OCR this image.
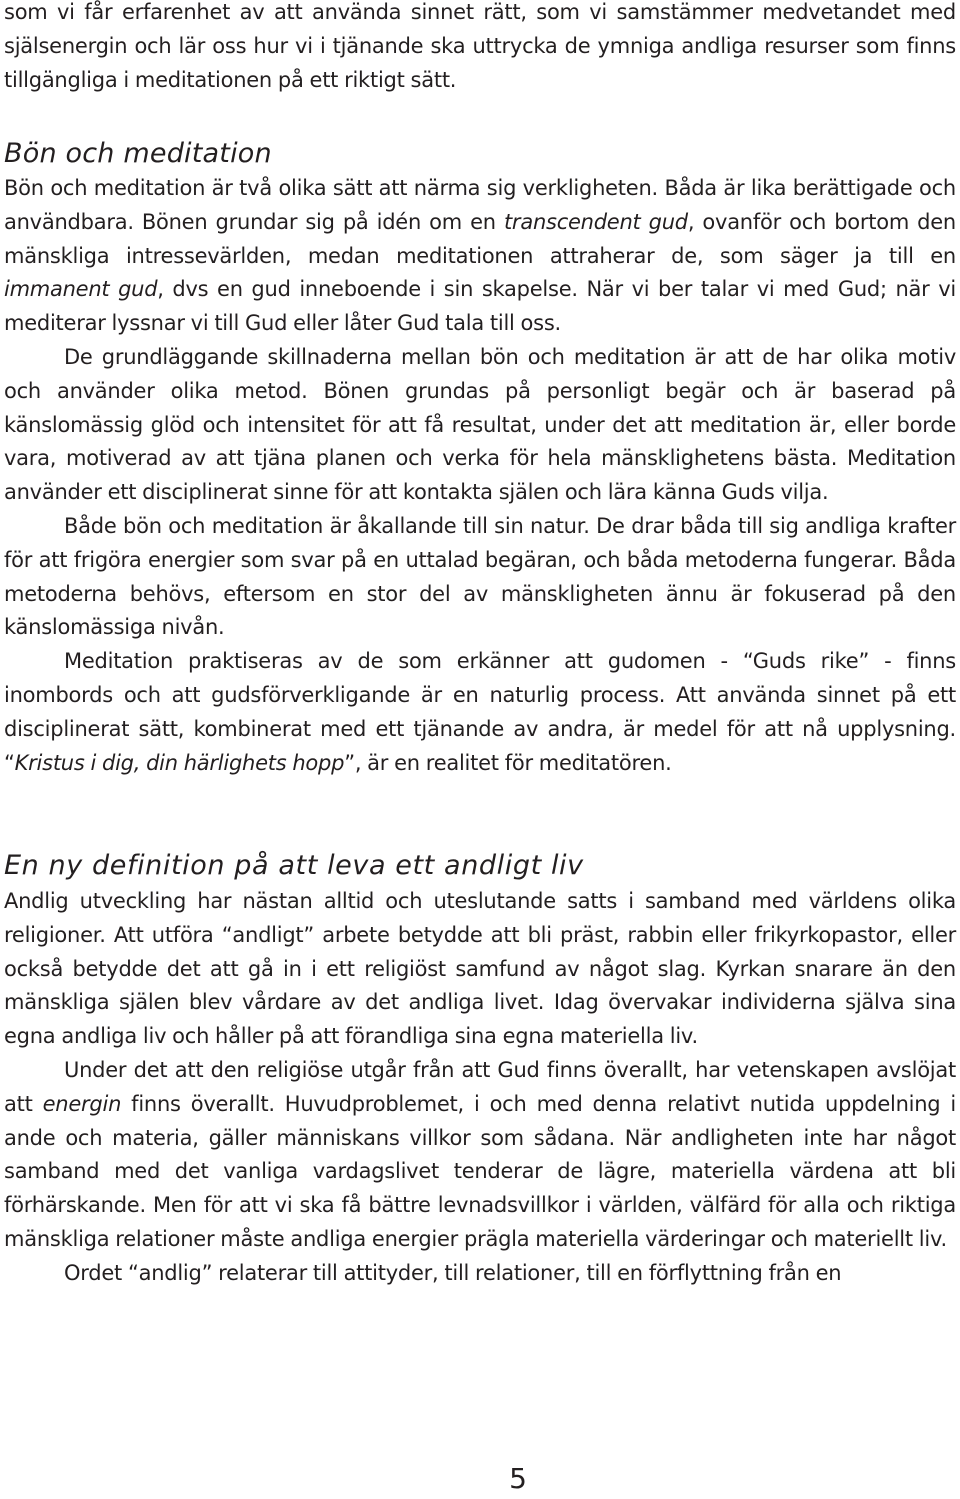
som vi får erfarenhet av att använda sinnet rätt, som vi samstämmer medvetandet med själsenergin och lär oss hur vi i tjänande ska uttrycka de ymniga andliga resurser som finns tillgängliga i meditationen på ett riktigt sätt.

Bön och meditation

Bön och meditation är två olika sätt att närma sig verkligheten. Båda är lika berättigade och användbara. Bönen grundar sig på idén om en transcendent gud, ovanför och bortom den mänskliga intressevärlden, medan meditationen attraherar de, som säger ja till en immanent gud, dvs en gud inneboende i sin skapelse. När vi ber talar vi med Gud; när vi mediterar lyssnar vi till Gud eller låter Gud tala till oss.

De grundläggande skillnaderna mellan bön och meditation är att de har olika motiv och använder olika metod. Bönen grundas på personligt begär och är baserad på känslomässig glöd och intensitet för att få resultat, under det att meditation är, eller borde vara, motiverad av att tjäna planen och verka för hela mänsklighetens bästa. Meditation använder ett disciplinerat sinne för att kontakta själen och lära känna Guds vilja.

Både bön och meditation är åkallande till sin natur. De drar båda till sig andliga krafter för att frigöra energier som svar på en uttalad begäran, och båda metoderna fungerar. Båda metoderna behövs, eftersom en stor del av mänskligheten ännu är fokuserad på den känslomässiga nivån.

Meditation praktiseras av de som erkänner att gudomen - “Guds rike” - finns inombords och att gudsförverkligande är en naturlig process. Att använda sinnet på ett disciplinerat sätt, kombinerat med ett tjänande av andra, är medel för att nå upplysning. “Kristus i dig, din härlighets hopp”, är en realitet för meditatören.

En ny definition på att leva ett andligt liv

Andlig utveckling har nästan alltid och uteslutande satts i samband med världens olika religioner. Att utföra “andligt” arbete betydde att bli präst, rabbin eller frikyrkopastor, eller också betydde det att gå in i ett religiöst samfund av något slag. Kyrkan snarare än den mänskliga själen blev vårdare av det andliga livet. Idag övervakar individerna själva sina egna andliga liv och håller på att förandliga sina egna materiella liv.

Under det att den religiöse utgår från att Gud finns överallt, har vetenskapen avslöjat att energin finns överallt. Huvudproblemet, i och med denna relativt nutida uppdelning i ande och materia, gäller människans villkor som sådana. När andligheten inte har något samband med det vanliga vardagslivet tenderar de lägre, materiella värdena att bli förhärskande. Men för att vi ska få bättre levnadsvillkor i världen, välfärd för alla och riktiga mänskliga relationer måste andliga energier prägla materiella värderingar och materiellt liv.

Ordet “andlig” relaterar till attityder, till relationer, till en förflyttning från en

5
